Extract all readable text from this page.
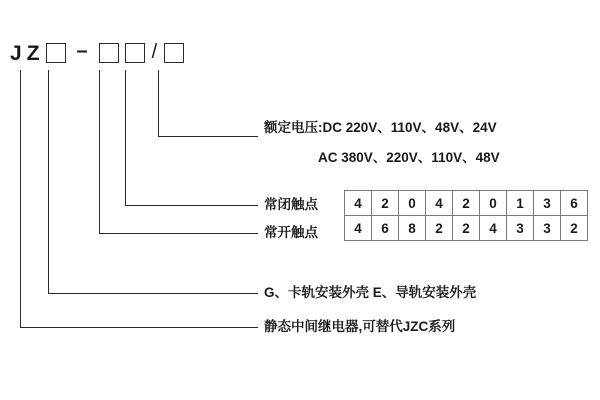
J Z	–	/
额定电压:DC 220V、110V、48V、24V
AC 380V、220V、110V、48V
常闭触点
常开触点
G、卡轨安装外壳 E、导轨安装外壳
静态中间继电器,可替代JZC系列
4	2	0	4	2	0	1	3	6
4	6	8	2	2	4	3	3	2
